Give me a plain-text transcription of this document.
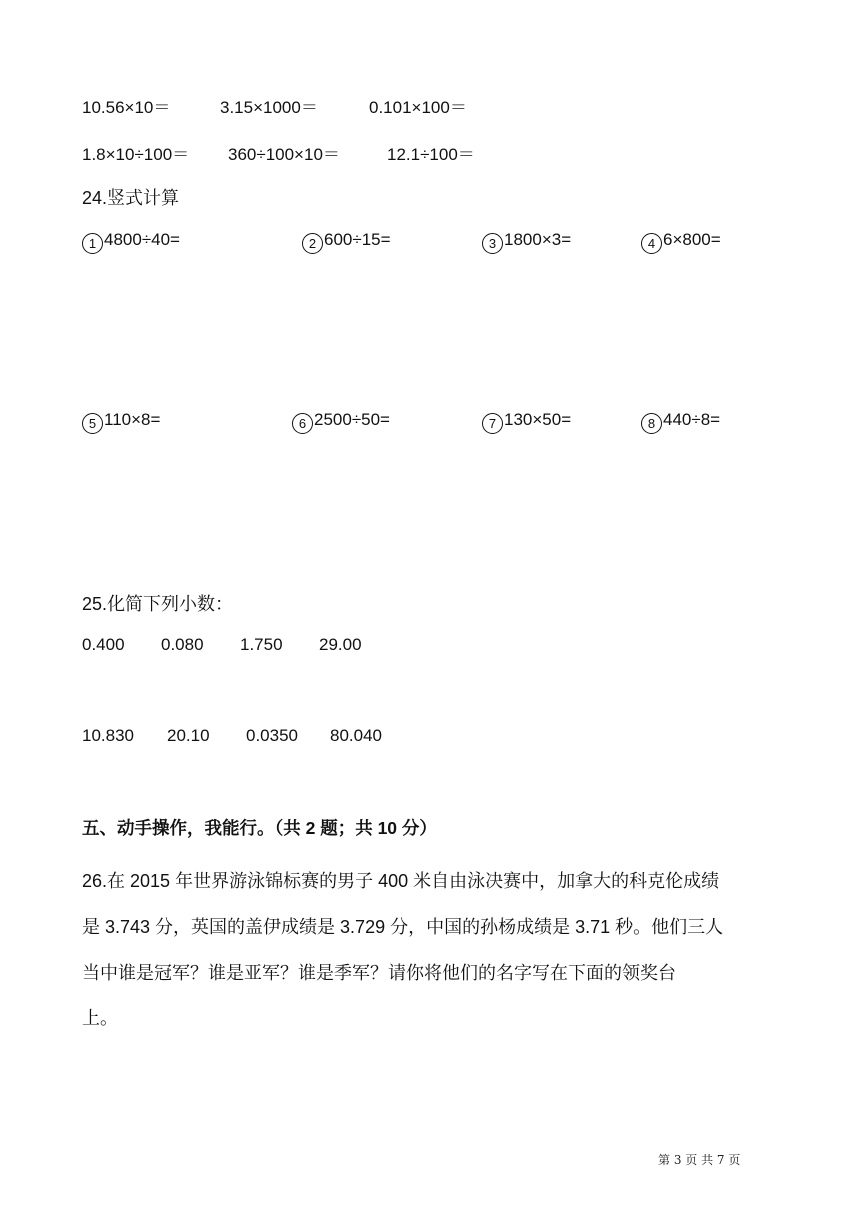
10.56×10＝	3.15×1000＝	0.101×100＝
1.8×10÷100＝ 360÷100×10＝	12.1÷100＝
24.竖式计算
1 4800÷40=	2 600÷15=	3 1800×3=	4 6×800=
5 110×8=	6 2500÷50=	7 130×50=	8 440÷8=
25.化简下列小数：
0.400 0.080 1.750 29.00
10.830 20.10 0.0350 80.040
五、动手操作，我能行。（共 2 题；共 10 分）
26.在 2015 年世界游泳锦标赛的男子 400 米自由泳决赛中，加拿大的科克伦成绩
是 3.743 分，英国的盖伊成绩是 3.729 分，中国的孙杨成绩是 3.71 秒。他们三人
当中谁是冠军？谁是亚军？谁是季军？请你将他们的名字写在下面的领奖台
上。
第 3 页 共 7 页
